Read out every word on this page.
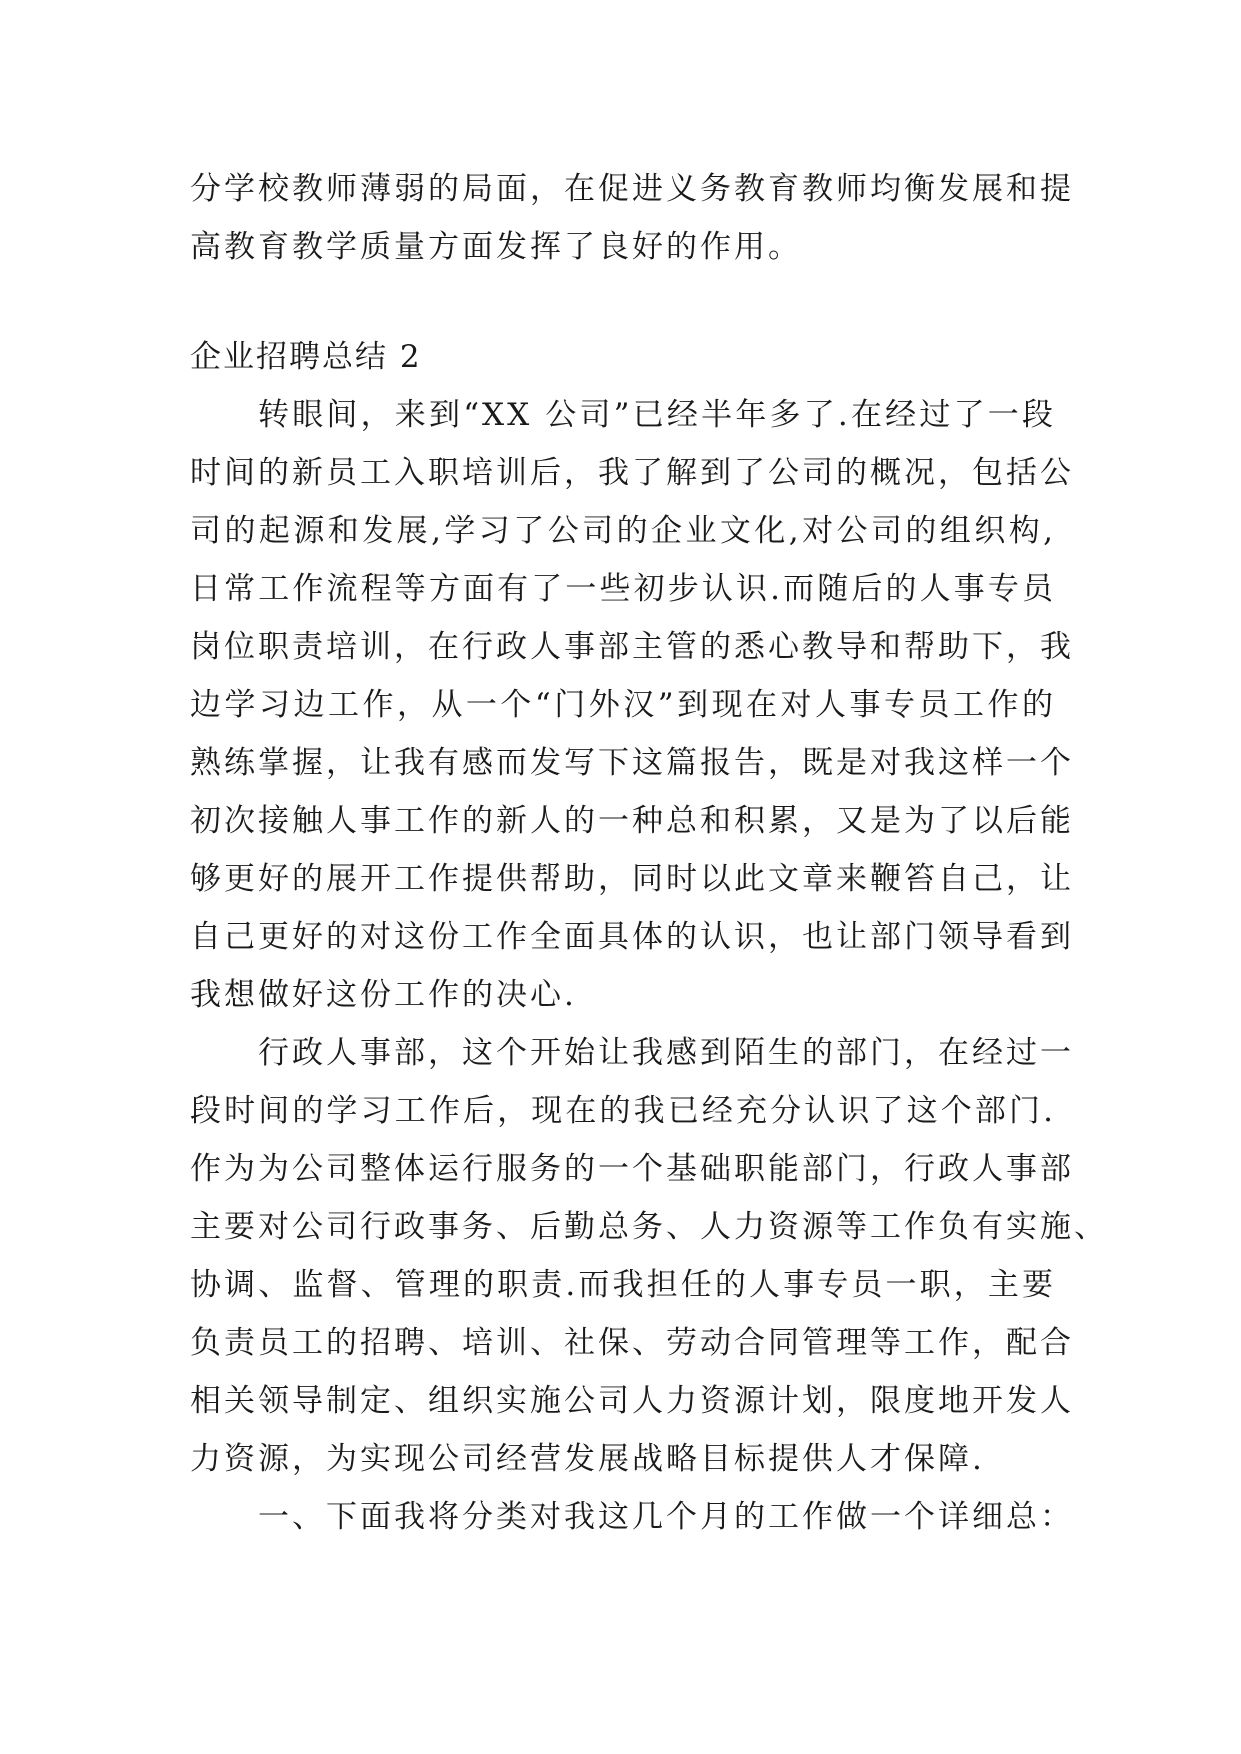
分学校教师薄弱的局面，在促进义务教育教师均衡发展和提
高教育教学质量方面发挥了良好的作用。

企业招聘总结 2

转眼间，来到“XX 公司”已经半年多了.在经过了一段
时间的新员工入职培训后，我了解到了公司的概况，包括公
司的起源和发展,学习了公司的企业文化,对公司的组织构,
日常工作流程等方面有了一些初步认识.而随后的人事专员
岗位职责培训，在行政人事部主管的悉心教导和帮助下，我
边学习边工作，从一个“门外汉”到现在对人事专员工作的
熟练掌握，让我有感而发写下这篇报告，既是对我这样一个
初次接触人事工作的新人的一种总和积累，又是为了以后能
够更好的展开工作提供帮助，同时以此文章来鞭笞自己，让
自己更好的对这份工作全面具体的认识，也让部门领导看到
我想做好这份工作的决心.

行政人事部，这个开始让我感到陌生的部门，在经过一
段时间的学习工作后，现在的我已经充分认识了这个部门.
作为为公司整体运行服务的一个基础职能部门，行政人事部
主要对公司行政事务、后勤总务、人力资源等工作负有实施、
协调、监督、管理的职责.而我担任的人事专员一职，主要
负责员工的招聘、培训、社保、劳动合同管理等工作，配合
相关领导制定、组织实施公司人力资源计划，限度地开发人
力资源，为实现公司经营发展战略目标提供人才保障.

一、下面我将分类对我这几个月的工作做一个详细总：
